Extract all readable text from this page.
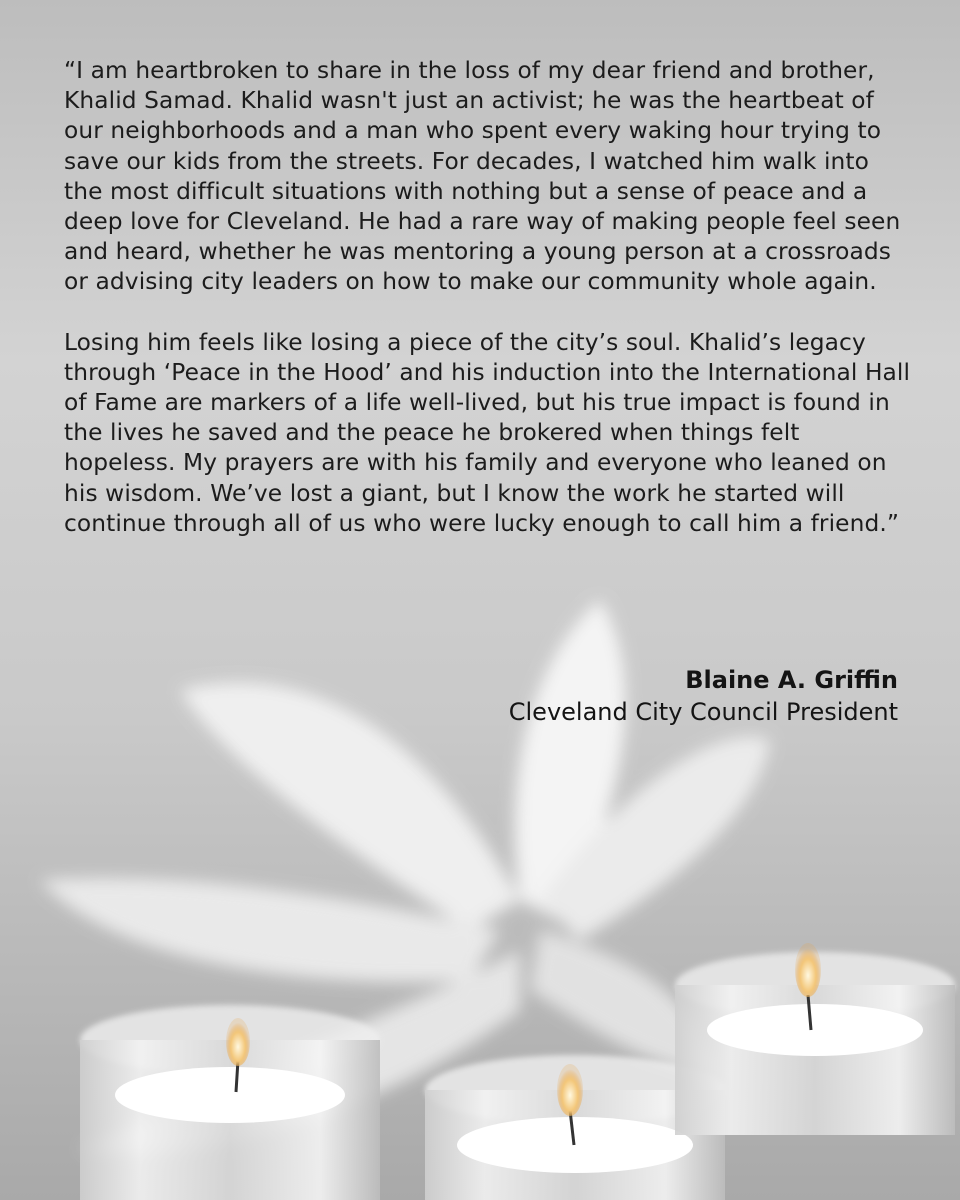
“I am heartbroken to share in the loss of my dear friend and brother, Khalid Samad. Khalid wasn't just an activist; he was the heartbeat of our neighborhoods and a man who spent every waking hour trying to save our kids from the streets. For decades, I watched him walk into the most difficult situations with nothing but a sense of peace and a deep love for Cleveland. He had a rare way of making people feel seen and heard, whether he was mentoring a young person at a crossroads or advising city leaders on how to make our community whole again.

Losing him feels like losing a piece of the city’s soul. Khalid’s legacy through ‘Peace in the Hood’ and his induction into the International Hall of Fame are markers of a life well-lived, but his true impact is found in the lives he saved and the peace he brokered when things felt hopeless. My prayers are with his family and everyone who leaned on his wisdom. We’ve lost a giant, but I know the work he started will continue through all of us who were lucky enough to call him a friend.”

Blaine A. Griffin
Cleveland City Council President
